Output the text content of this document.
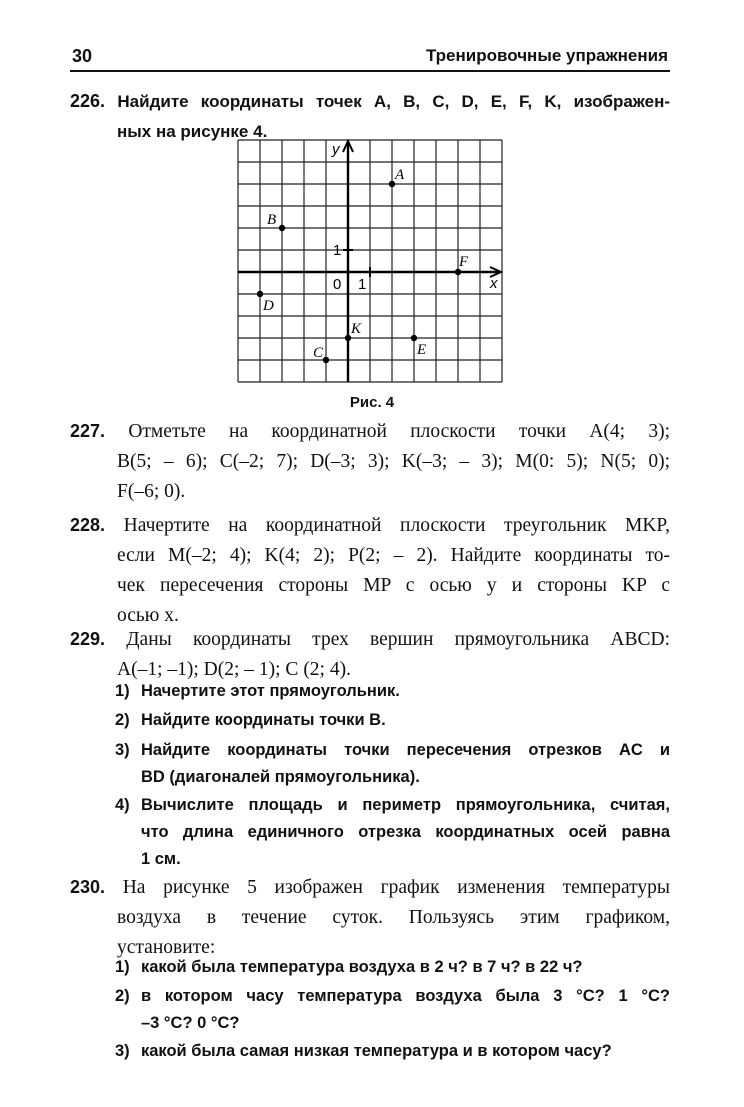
30	Тренировочные упражнения
226. Найдите координаты точек A, B, C, D, E, F, K, изображен-
ных на рисунке 4.
x
y
0 1
1
A
B
C
D
E
F
K
Рис. 4
227. Отметьте на координатной плоскости точки A(4; 3);
B(5; – 6); C(–2; 7); D(–3; 3); K(–3; – 3); M(0: 5); N(5; 0);
F(–6; 0).
228. Начертите на координатной плоскости треугольник MKP,
если M(–2; 4); K(4; 2); P(2; – 2). Найдите координаты то-
чек пересечения стороны MP с осью y и стороны KP с
осью x.
229. Даны координаты трех вершин прямоугольника ABCD:
A(–1; –1); D(2; – 1); C (2; 4).
1) Начертите этот прямоугольник.
2) Найдите координаты точки B.
3) Найдите координаты точки пересечения отрезков AC и
BD (диагоналей прямоугольника).
4) Вычислите площадь и периметр прямоугольника, считая,
что длина единичного отрезка координатных осей равна
1 см.
230. На рисунке 5 изображен график изменения температуры
воздуха в течение суток. Пользуясь этим графиком,
установите:
1) какой была температура воздуха в 2 ч? в 7 ч? в 22 ч?
2) в котором часу температура воздуха была 3 °C? 1 °C?
–3 °C? 0 °C?
3) какой была самая низкая температура и в котором часу?
